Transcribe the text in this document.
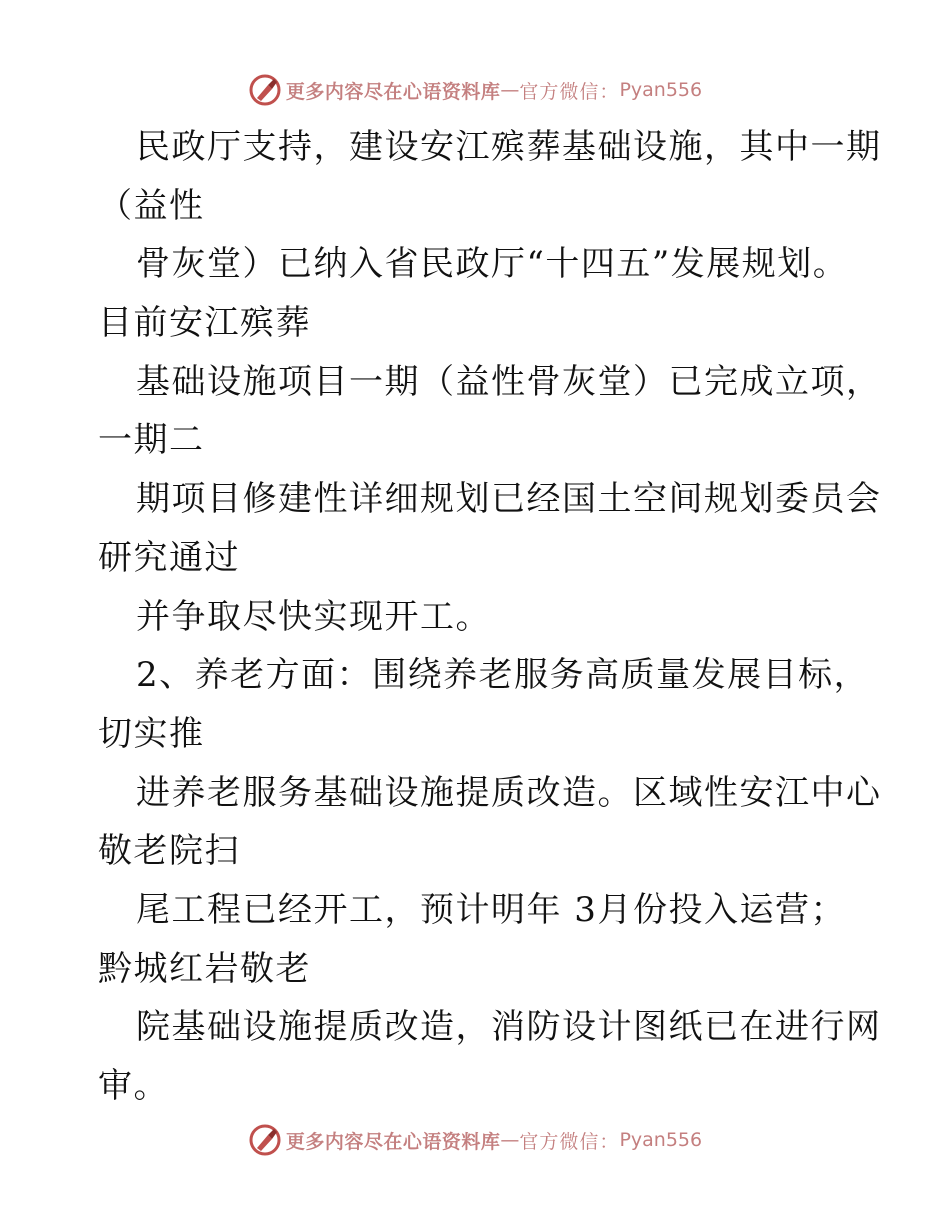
更多内容尽在心语资料库 — 官方微信： Pyan556
民政厅支持，建设安江殡葬基础设施，其中一期
（益性
骨灰堂）已纳入省民政厅“十四五”发展规划。
目前安江殡葬
基础设施项目一期（益性骨灰堂）已完成立项，
一期二
期项目修建性详细规划已经国土空间规划委员会
研究通过
并争取尽快实现开工。
2、养老方面：围绕养老服务高质量发展目标，
切实推
进养老服务基础设施提质改造。区域性安江中心
敬老院扫
尾工程已经开工，预计明年 3月份投入运营；
黔城红岩敬老
院基础设施提质改造，消防设计图纸已在进行网
审。
更多内容尽在心语资料库 — 官方微信： Pyan556
